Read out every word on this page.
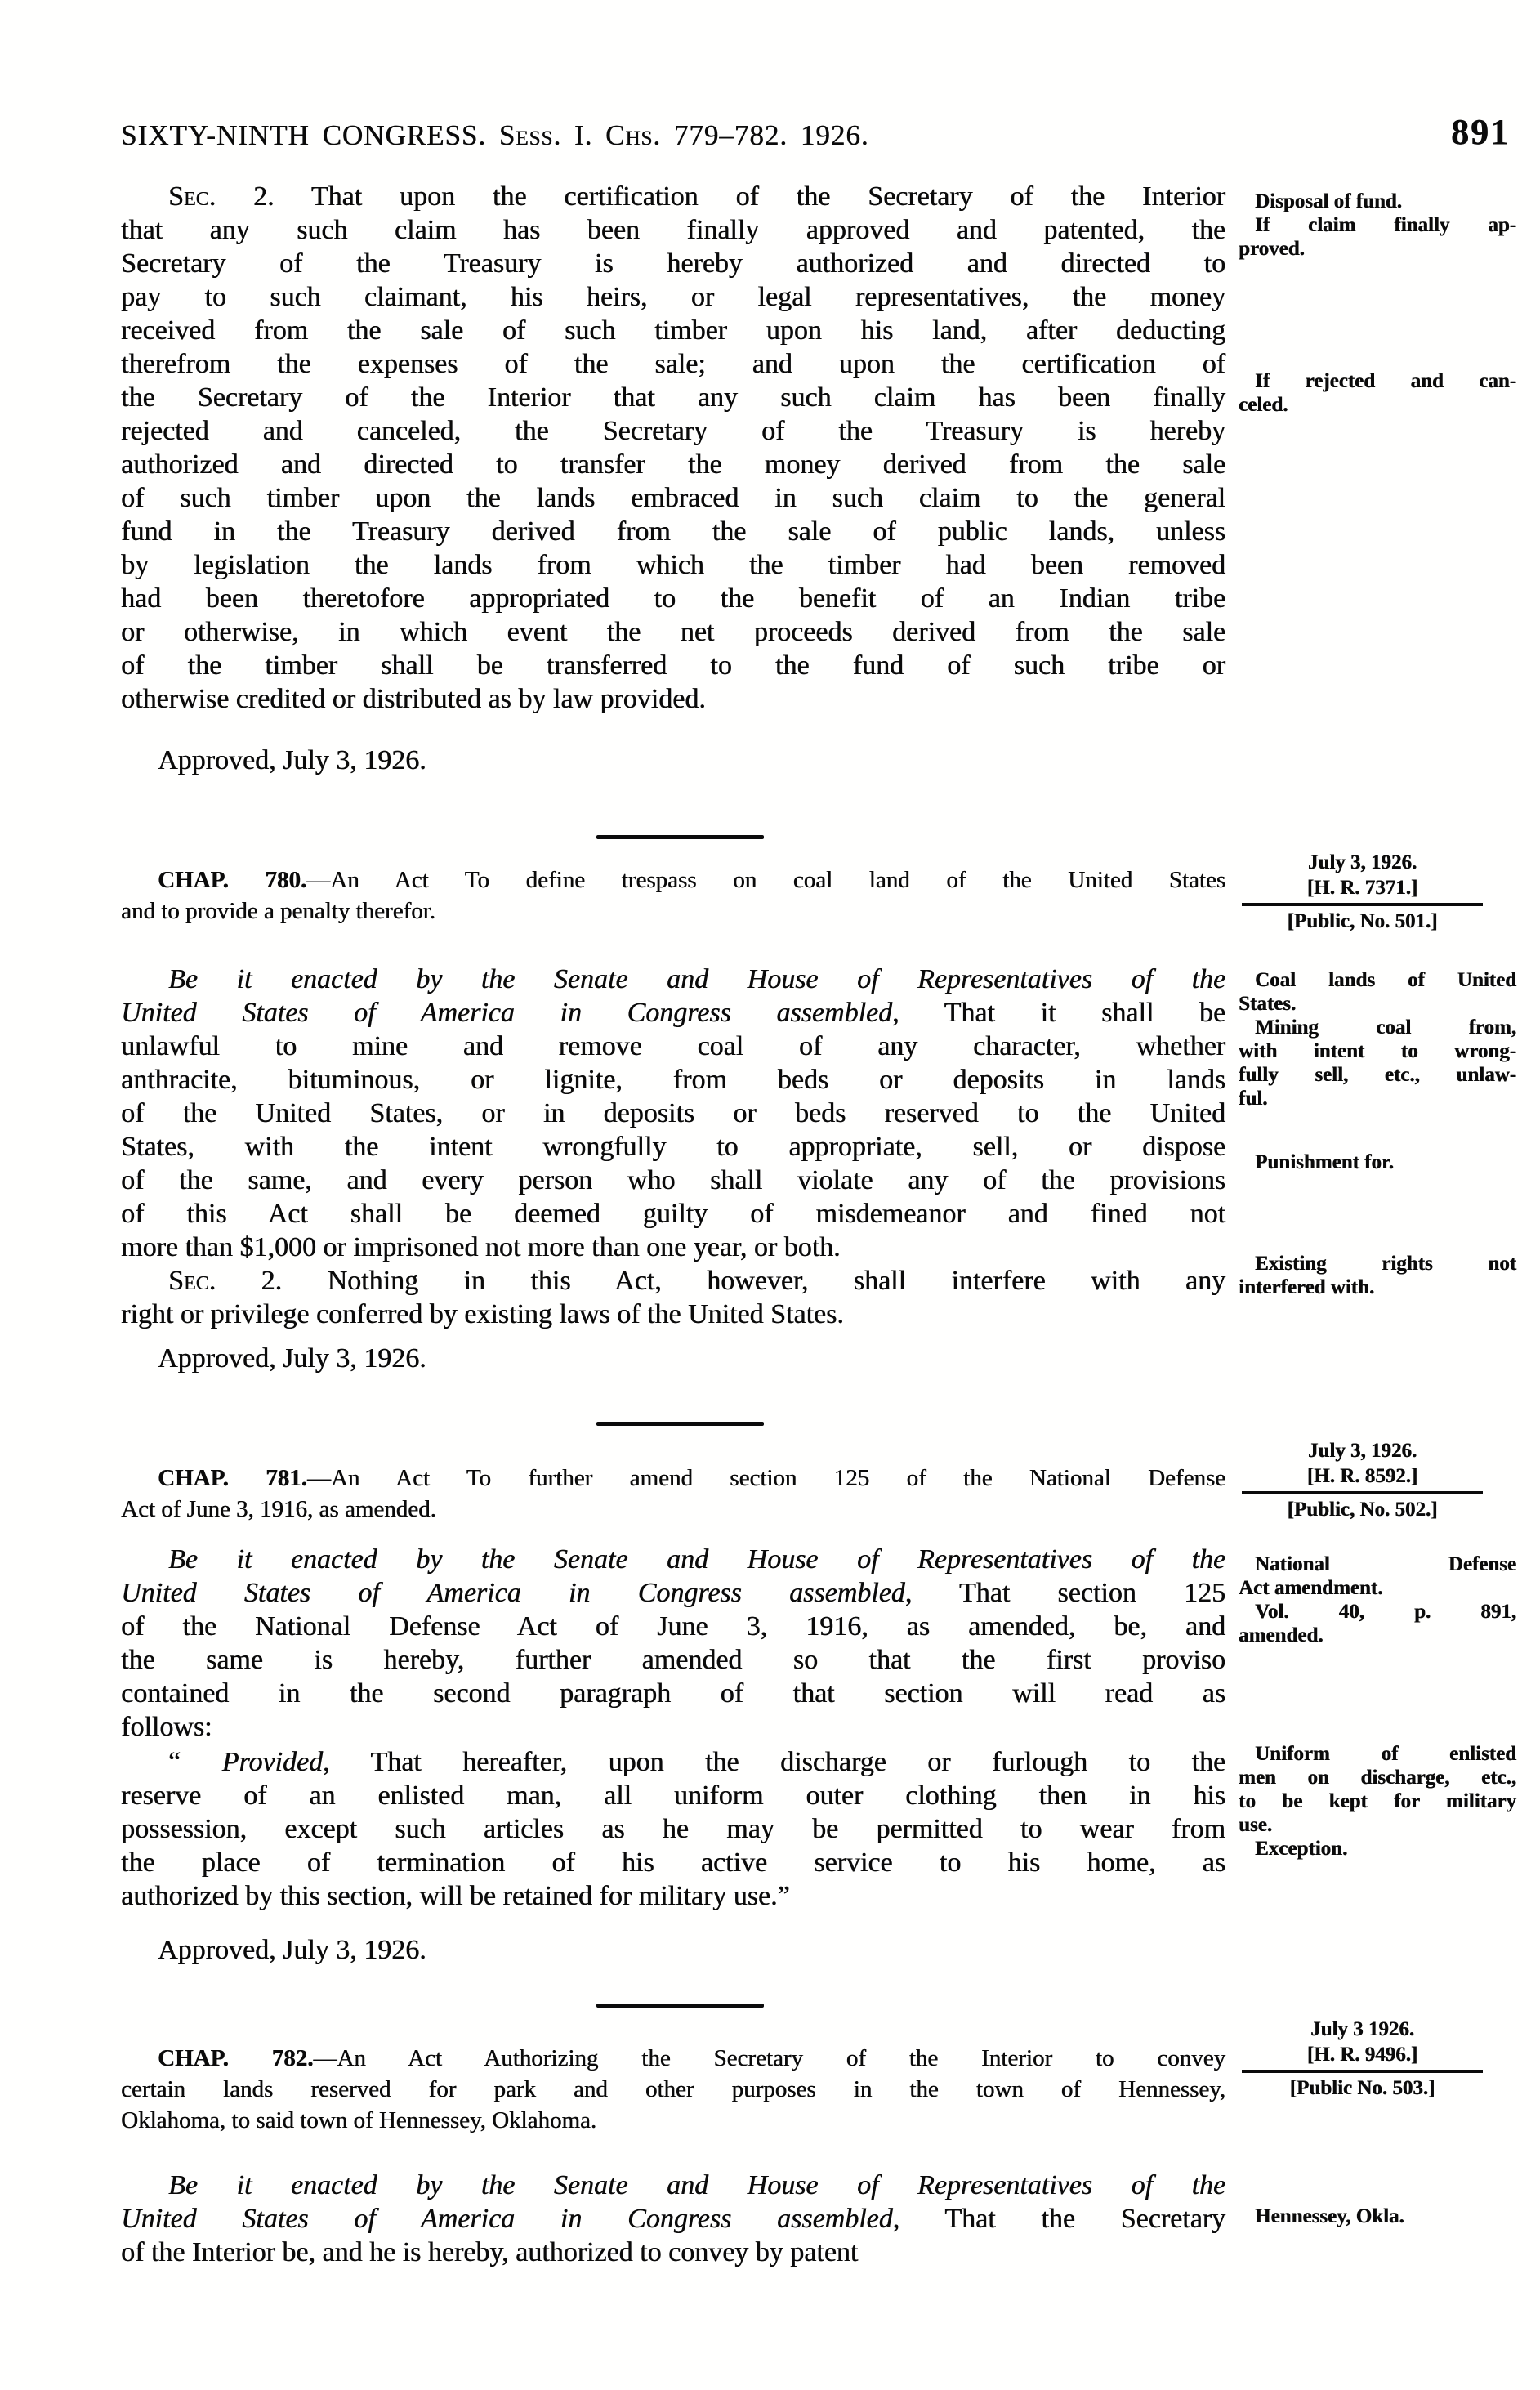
SIXTY-NINTH CONGRESS. Sess. I. Chs. 779–782. 1926.	891
Sec. 2. That upon the certification of the Secretary of the Interior
that any such claim has been finally approved and patented, the
Secretary of the Treasury is hereby authorized and directed to
pay to such claimant, his heirs, or legal representatives, the money
received from the sale of such timber upon his land, after deducting
therefrom the expenses of the sale; and upon the certification of
the Secretary of the Interior that any such claim has been finally
rejected and canceled, the Secretary of the Treasury is hereby
authorized and directed to transfer the money derived from the sale
of such timber upon the lands embraced in such claim to the general
fund in the Treasury derived from the sale of public lands, unless
by legislation the lands from which the timber had been removed
had been theretofore appropriated to the benefit of an Indian tribe
or otherwise, in which event the net proceeds derived from the sale
of the timber shall be transferred to the fund of such tribe or
otherwise credited or distributed as by law provided.
Approved, July 3, 1926.
Disposal of fund.
If claim finally ap-
proved.
If rejected and can-
celed.
CHAP. 780.—An Act To define trespass on coal land of the United States
and to provide a penalty therefor.
July 3, 1926.
[H. R. 7371.]
[Public, No. 501.]
Be it enacted by the Senate and House of Representatives of the
United States of America in Congress assembled, That it shall be
unlawful to mine and remove coal of any character, whether
anthracite, bituminous, or lignite, from beds or deposits in lands
of the United States, or in deposits or beds reserved to the United
States, with the intent wrongfully to appropriate, sell, or dispose
of the same, and every person who shall violate any of the provisions
of this Act shall be deemed guilty of misdemeanor and fined not
more than $1,000 or imprisoned not more than one year, or both.
Sec. 2. Nothing in this Act, however, shall interfere with any
right or privilege conferred by existing laws of the United States.
Approved, July 3, 1926.
Coal lands of United
States.
Mining coal from,
with intent to wrong-
fully sell, etc., unlaw-
ful.
Punishment for.
Existing rights not
interfered with.
CHAP. 781.—An Act To further amend section 125 of the National Defense
Act of June 3, 1916, as amended.
July 3, 1926.
[H. R. 8592.]
[Public, No. 502.]
Be it enacted by the Senate and House of Representatives of the
United States of America in Congress assembled, That section 125
of the National Defense Act of June 3, 1916, as amended, be, and
the same is hereby, further amended so that the first proviso
contained in the second paragraph of that section will read as
follows:
“ Provided, That hereafter, upon the discharge or furlough to the
reserve of an enlisted man, all uniform outer clothing then in his
possession, except such articles as he may be permitted to wear from
the place of termination of his active service to his home, as
authorized by this section, will be retained for military use.”
Approved, July 3, 1926.
National Defense
Act amendment.
Vol. 40, p. 891,
amended.
Uniform of enlisted
men on discharge, etc.,
to be kept for military
use.
Exception.
CHAP. 782.—An Act Authorizing the Secretary of the Interior to convey
certain lands reserved for park and other purposes in the town of Hennessey,
Oklahoma, to said town of Hennessey, Oklahoma.
July 3 1926.
[H. R. 9496.]
[Public No. 503.]
Be it enacted by the Senate and House of Representatives of the
United States of America in Congress assembled, That the Secretary
of the Interior be, and he is hereby, authorized to convey by patent
Hennessey, Okla.
